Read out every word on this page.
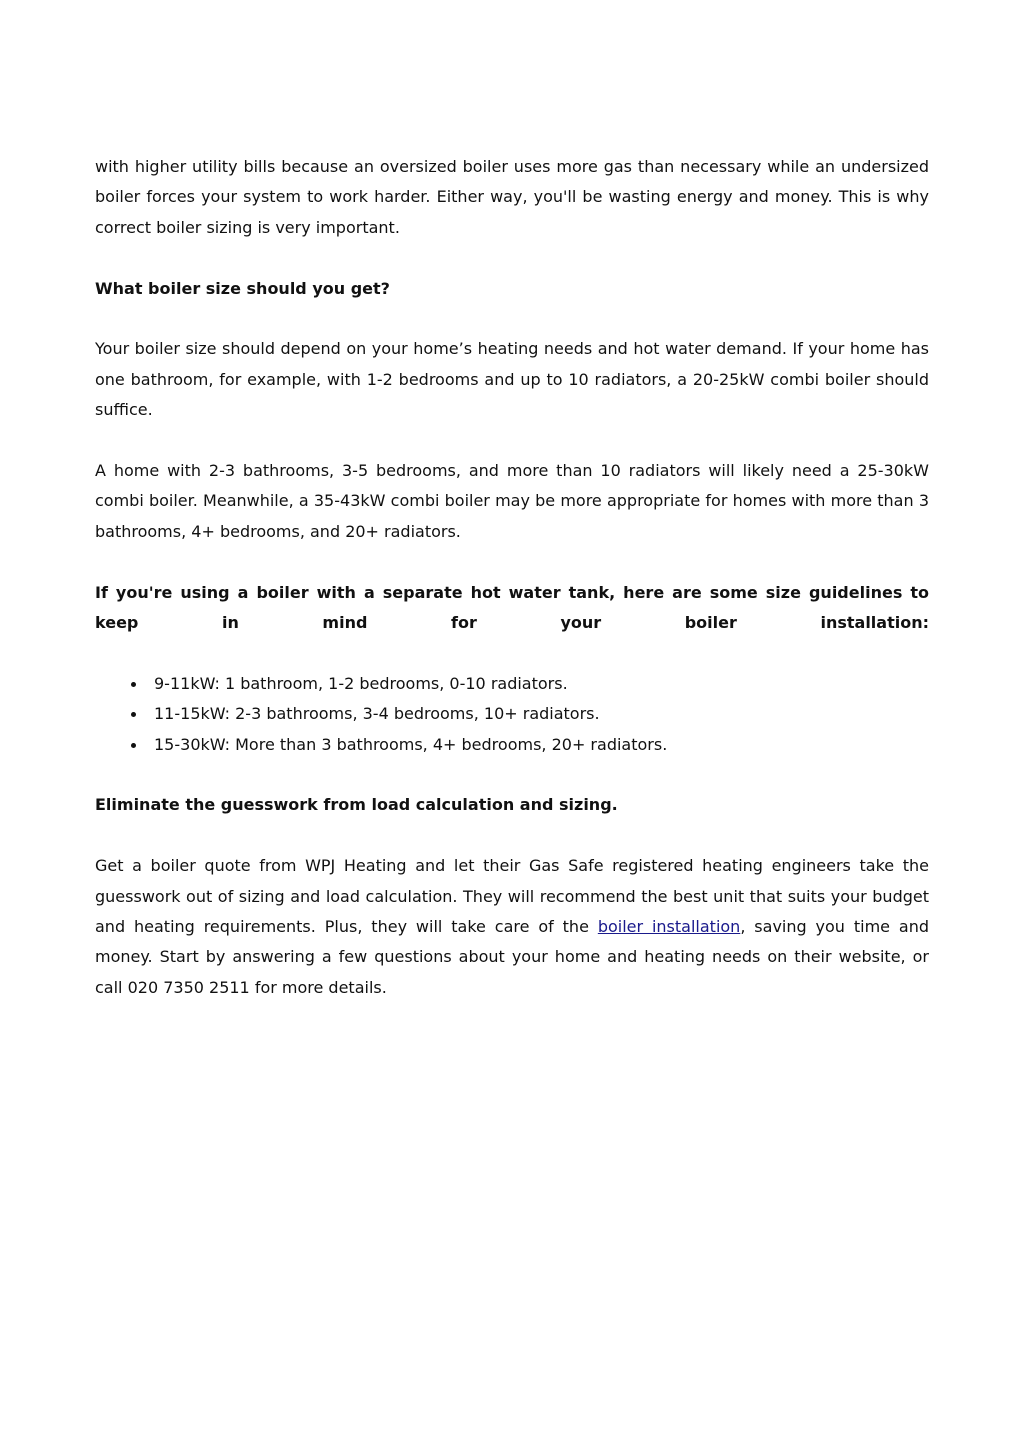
with higher utility bills because an oversized boiler uses more gas than necessary while an undersized boiler forces your system to work harder. Either way, you'll be wasting energy and money. This is why correct boiler sizing is very important.

What boiler size should you get?

Your boiler size should depend on your home’s heating needs and hot water demand. If your home has one bathroom, for example, with 1-2 bedrooms and up to 10 radiators, a 20-25kW combi boiler should suffice.

A home with 2-3 bathrooms, 3-5 bedrooms, and more than 10 radiators will likely need a 25-30kW combi boiler. Meanwhile, a 35-43kW combi boiler may be more appropriate for homes with more than 3 bathrooms, 4+ bedrooms, and 20+ radiators.

If you're using a boiler with a separate hot water tank, here are some size guidelines to keep in mind for your boiler installation:

9-11kW: 1 bathroom, 1-2 bedrooms, 0-10 radiators.
11-15kW: 2-3 bathrooms, 3-4 bedrooms, 10+ radiators.
15-30kW: More than 3 bathrooms, 4+ bedrooms, 20+ radiators.

Eliminate the guesswork from load calculation and sizing.

Get a boiler quote from WPJ Heating and let their Gas Safe registered heating engineers take the guesswork out of sizing and load calculation. They will recommend the best unit that suits your budget and heating requirements. Plus, they will take care of the boiler installation, saving you time and money. Start by answering a few questions about your home and heating needs on their website, or call 020 7350 2511 for more details.
